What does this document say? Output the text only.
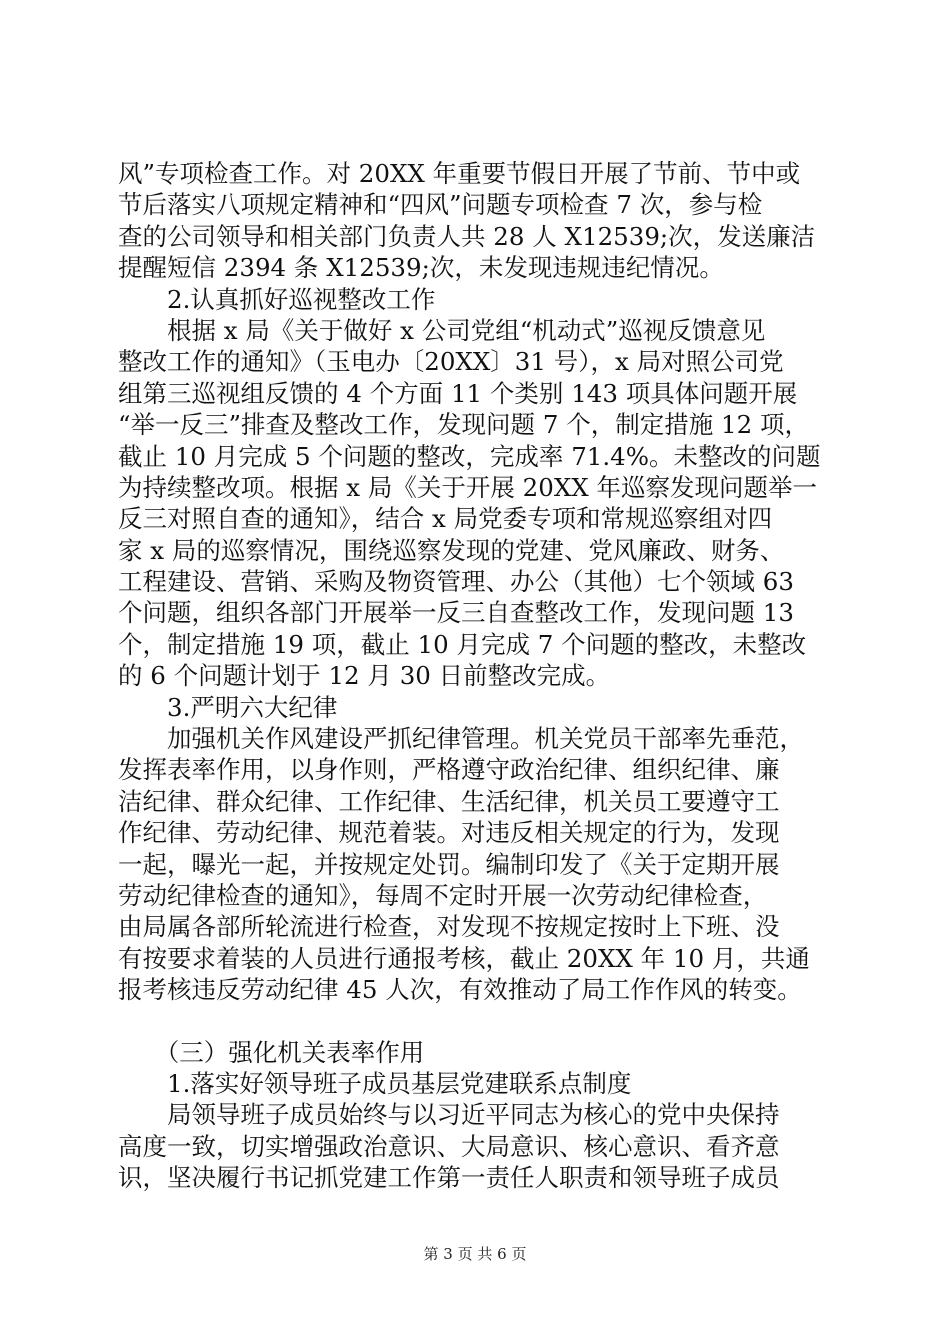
风”专项检查工作。对 20XX 年重要节假日开展了节前、节中或
节后落实八项规定精神和“四风”问题专项检查 7 次，参与检
查的公司领导和相关部门负责人共 28 人 X12539;次，发送廉洁
提醒短信 2394 条 X12539;次，未发现违规违纪情况。
　　2.认真抓好巡视整改工作
　　根据 x 局《关于做好 x 公司党组“机动式”巡视反馈意见
整改工作的通知》（玉电办〔20XX〕31 号），x 局对照公司党
组第三巡视组反馈的 4 个方面 11 个类别 143 项具体问题开展
“举一反三”排查及整改工作，发现问题 7 个，制定措施 12 项，
截止 10 月完成 5 个问题的整改，完成率 71.4%。未整改的问题
为持续整改项。根据 x 局《关于开展 20XX 年巡察发现问题举一
反三对照自查的通知》，结合 x 局党委专项和常规巡察组对四
家 x 局的巡察情况，围绕巡察发现的党建、党风廉政、财务、
工程建设、营销、采购及物资管理、办公（其他）七个领域 63
个问题，组织各部门开展举一反三自查整改工作，发现问题 13
个，制定措施 19 项，截止 10 月完成 7 个问题的整改，未整改
的 6 个问题计划于 12 月 30 日前整改完成。
　　3.严明六大纪律
　　加强机关作风建设严抓纪律管理。机关党员干部率先垂范，
发挥表率作用，以身作则，严格遵守政治纪律、组织纪律、廉
洁纪律、群众纪律、工作纪律、生活纪律，机关员工要遵守工
作纪律、劳动纪律、规范着装。对违反相关规定的行为，发现
一起，曝光一起，并按规定处罚。编制印发了《关于定期开展
劳动纪律检查的通知》，每周不定时开展一次劳动纪律检查，
由局属各部所轮流进行检查，对发现不按规定按时上下班、没
有按要求着装的人员进行通报考核，截止 20XX 年 10 月，共通
报考核违反劳动纪律 45 人次，有效推动了局工作作风的转变。
　　（三）强化机关表率作用
　　1.落实好领导班子成员基层党建联系点制度
　　局领导班子成员始终与以习近平同志为核心的党中央保持
高度一致，切实增强政治意识、大局意识、核心意识、看齐意
识，坚决履行书记抓党建工作第一责任人职责和领导班子成员
第 3 页 共 6 页
